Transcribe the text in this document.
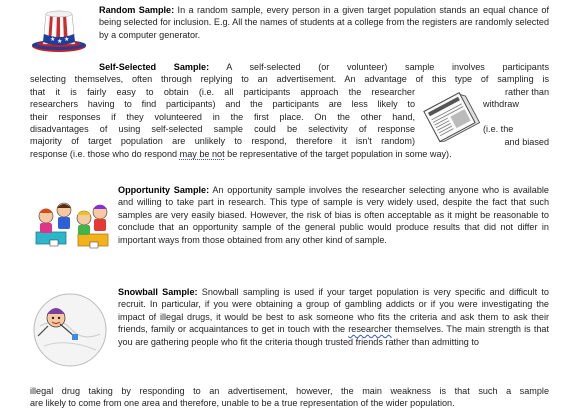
★ ★ ★

Random Sample: In a random sample, every person in a given target population stands an equal chance of being selected for inclusion. E.g. All the names of students at a college from the registers are randomly selected by a computer generator.

Self-Selected Sample: A self-selected (or volunteer) sample involves participants
selecting themselves, often through replying to an advertisement. An advantage of this type of sampling is
that it is fairly easy to obtain (i.e. all participants approach the researcher
researchers having to find participants) and the participants are less likely to
their responses if they volunteered in the first place. On the other hand,
disadvantages of using self-selected sample could be selectivity of response
majority of target population are unlikely to respond, therefore it isn't random)
response (i.e. those who do respond may be not be representative of the target population in some way).
rather than
withdraw

(i.e. the
and biased

Opportunity Sample: An opportunity sample involves the researcher selecting anyone who is available and willing to take part in research. This type of sample is very widely used, despite the fact that such samples are very easily biased. However, the risk of bias is often acceptable as it might be reasonable to conclude that an opportunity sample of the general public would produce results that did not differ in important ways from those obtained from any other kind of sample.

Snowball Sample: Snowball sampling is used if your target population is very specific and difficult to recruit. In particular, if you were obtaining a group of gambling addicts or if you were investigating the impact of illegal drugs, it would be best to ask someone who fits the criteria and ask them to ask their friends, family or acquaintances to get in touch with the researcher themselves. The main strength is that you are gathering people who fit the criteria though trusted friends rather than admitting to

illegal drug taking by responding to an advertisement, however, the main weakness is that such a sample
are likely to come from one area and therefore, unable to be a true representation of the wider population.
